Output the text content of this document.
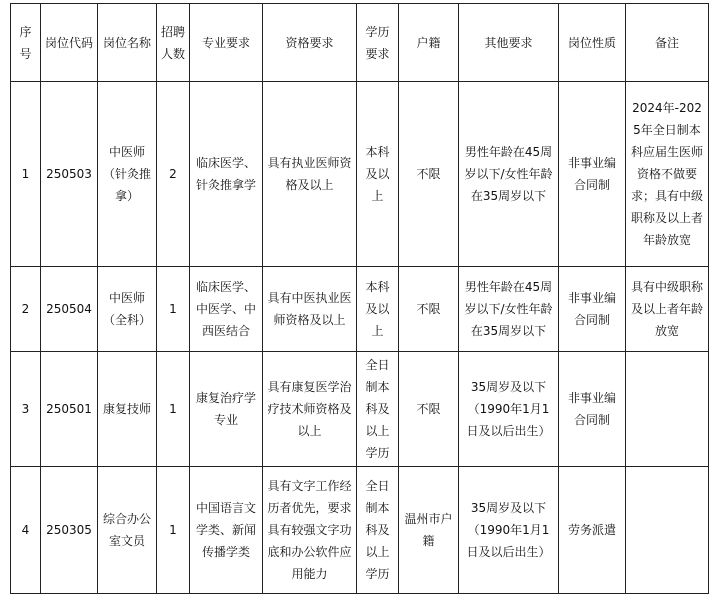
序号	岗位代码	岗位名称	招聘人数	专业要求	资格要求	学历要求	户籍	其他要求	岗位性质	备注
1	250503	中医师（针灸推拿）	2	临床医学、针灸推拿学	具有执业医师资格及以上	本科及以上	不限	男性年龄在45周岁以下/女性年龄在35周岁以下	非事业编合同制	2024年-2025年全日制本科应届生医师资格不做要求；具有中级职称及以上者年龄放宽
2	250504	中医师（全科）	1	临床医学、中医学、中西医结合	具有中医执业医师资格及以上	本科及以上	不限	男性年龄在45周岁以下/女性年龄在35周岁以下	非事业编合同制	具有中级职称及以上者年龄放宽
3	250501	康复技师	1	康复治疗学专业	具有康复医学治疗技术师资格及以上	全日制本科及以上学历	不限	35周岁及以下（1990年1月1日及以后出生）	非事业编合同制	
4	250305	综合办公室文员	1	中国语言文学类、新闻传播学类	具有文字工作经历者优先，要求具有较强文字功底和办公软件应用能力	全日制本科及以上学历	温州市户籍	35周岁及以下（1990年1月1日及以后出生）	劳务派遣	
